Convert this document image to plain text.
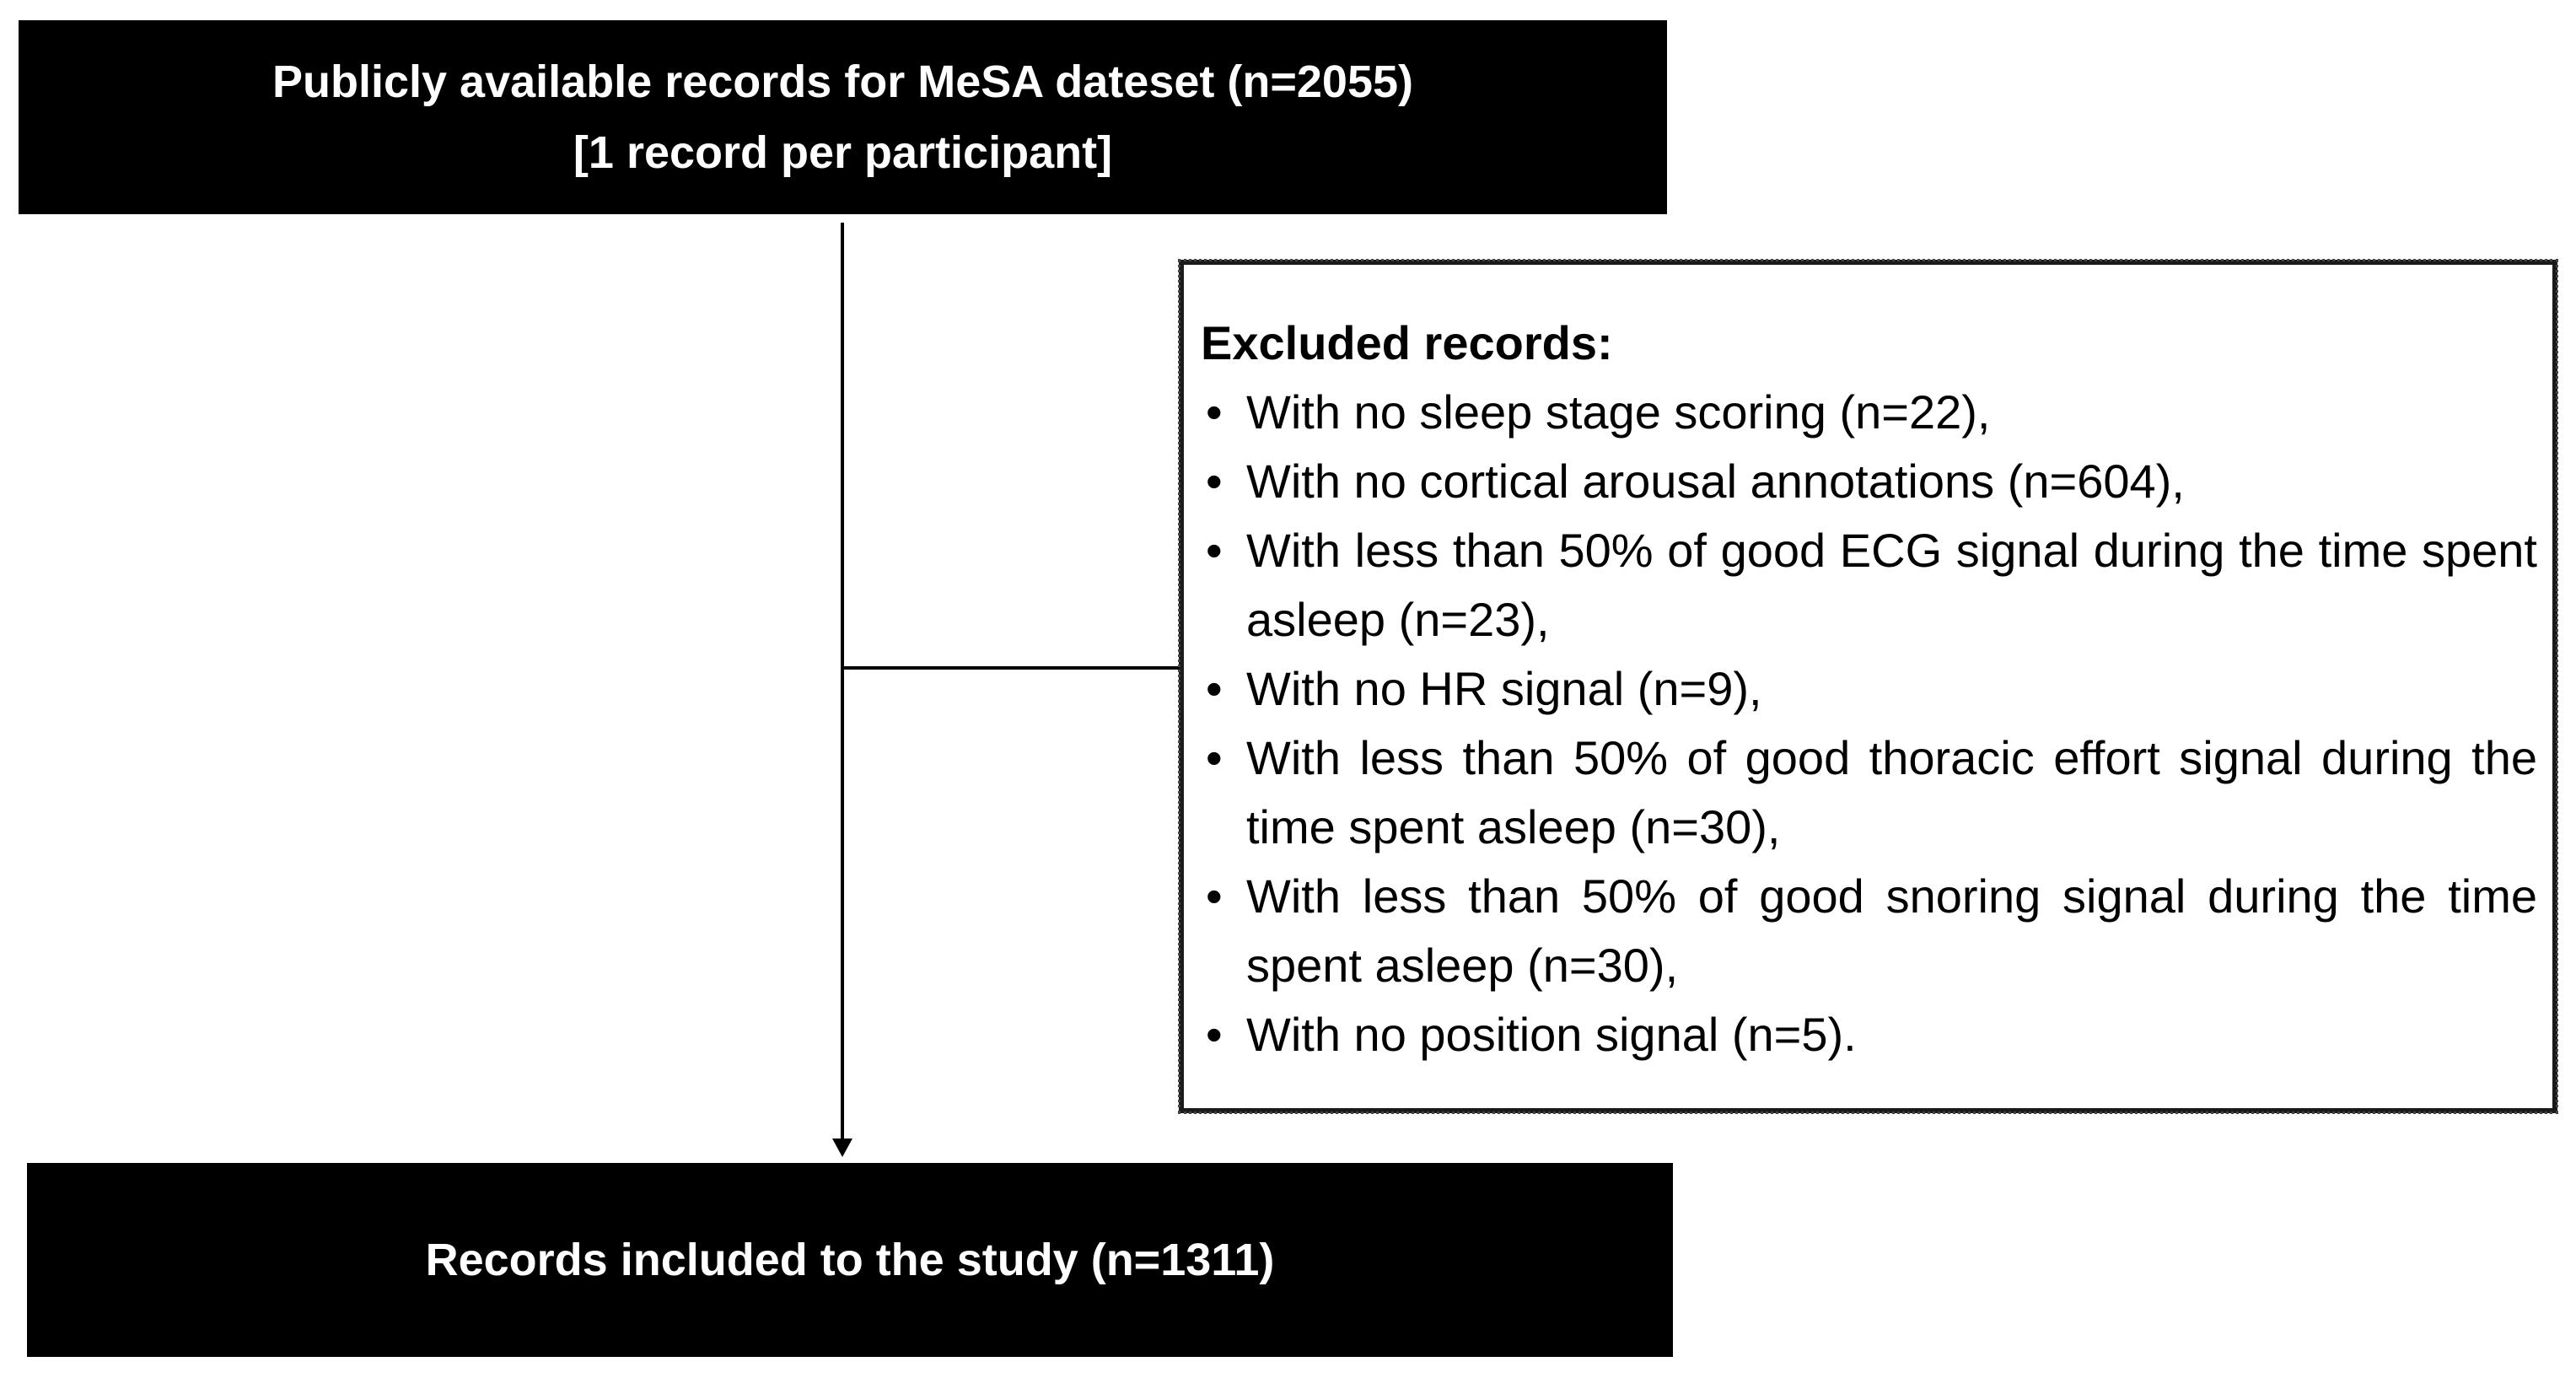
Publicly available records for MeSA dateset (n=2055)
[1 record per participant]
Excluded records:
• With no sleep stage scoring (n=22),
• With no cortical arousal annotations (n=604),
• With less than 50% of good ECG signal during the time spent asleep (n=23),
• With no HR signal (n=9),
• With less than 50% of good thoracic effort signal during the time spent asleep (n=30),
• With less than 50% of good snoring signal during the time spent asleep (n=30),
• With no position signal (n=5).
Records included to the study (n=1311)
